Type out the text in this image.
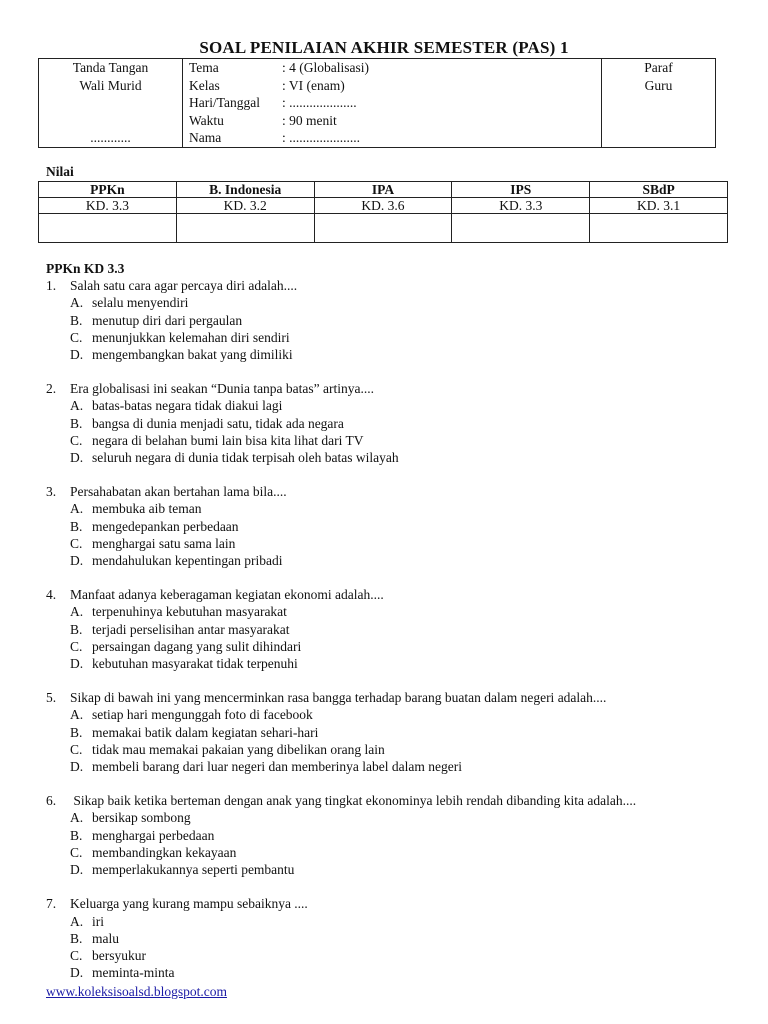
SOAL PENILAIAN AKHIR SEMESTER (PAS) 1
Tanda Tangan
Wali Murid
............

Tema	: 4 (Globalisasi)
Kelas	: VI (enam)
Hari/Tanggal	: ....................
Waktu	: 90 menit
Nama	: .....................

Paraf
Guru
Nilai
PPKn	B. Indonesia	IPA	IPS	SBdP
KD. 3.3	KD. 3.2	KD. 3.6	KD. 3.3	KD. 3.1

PPKn KD 3.3
1.	Salah satu cara agar percaya diri adalah....
A. selalu menyendiri
B. menutup diri dari pergaulan
C. menunjukkan kelemahan diri sendiri
D. mengembangkan bakat yang dimiliki
2.	Era globalisasi ini seakan “Dunia tanpa batas” artinya....
A. batas-batas negara tidak diakui lagi
B. bangsa di dunia menjadi satu, tidak ada negara
C. negara di belahan bumi lain bisa kita lihat dari TV
D. seluruh negara di dunia tidak terpisah oleh batas wilayah
3.	Persahabatan akan bertahan lama bila....
A. membuka aib teman
B. mengedepankan perbedaan
C. menghargai satu sama lain
D. mendahulukan kepentingan pribadi
4.	Manfaat adanya keberagaman kegiatan ekonomi adalah....
A. terpenuhinya kebutuhan masyarakat
B. terjadi perselisihan antar masyarakat
C. persaingan dagang yang sulit dihindari
D. kebutuhan masyarakat tidak terpenuhi
5.	Sikap di bawah ini yang mencerminkan rasa bangga terhadap barang buatan dalam negeri adalah....
A. setiap hari mengunggah foto di facebook
B. memakai batik dalam kegiatan sehari-hari
C. tidak mau memakai pakaian yang dibelikan orang lain
D. membeli barang dari luar negeri dan memberinya label dalam negeri
6.	Sikap baik ketika berteman dengan anak yang tingkat ekonominya lebih rendah dibanding kita adalah....
A. bersikap sombong
B. menghargai perbedaan
C. membandingkan kekayaan
D. memperlakukannya seperti pembantu
7.	Keluarga yang kurang mampu sebaiknya ....
A. iri
B. malu
C. bersyukur
D. meminta-minta
www.koleksisoalsd.blogspot.com
